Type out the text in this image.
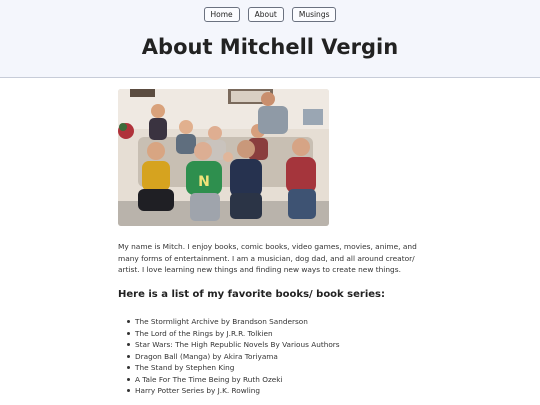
Home	About	Musings
About Mitchell Vergin
N

My name is Mitch. I enjoy books, comic books, video games, movies, anime, and many forms of entertainment. I am a musician, dog dad, and all around creator/ artist. I love learning new things and finding new ways to create new things.

Here is a list of my favorite books/ book series:
The Stormlight Archive by Brandson Sanderson
The Lord of the Rings by J.R.R. Tolkien
Star Wars: The High Republic Novels By Various Authors
Dragon Ball (Manga) by Akira Toriyama
The Stand by Stephen King
A Tale For The Time Being by Ruth Ozeki
Harry Potter Series by J.K. Rowling
